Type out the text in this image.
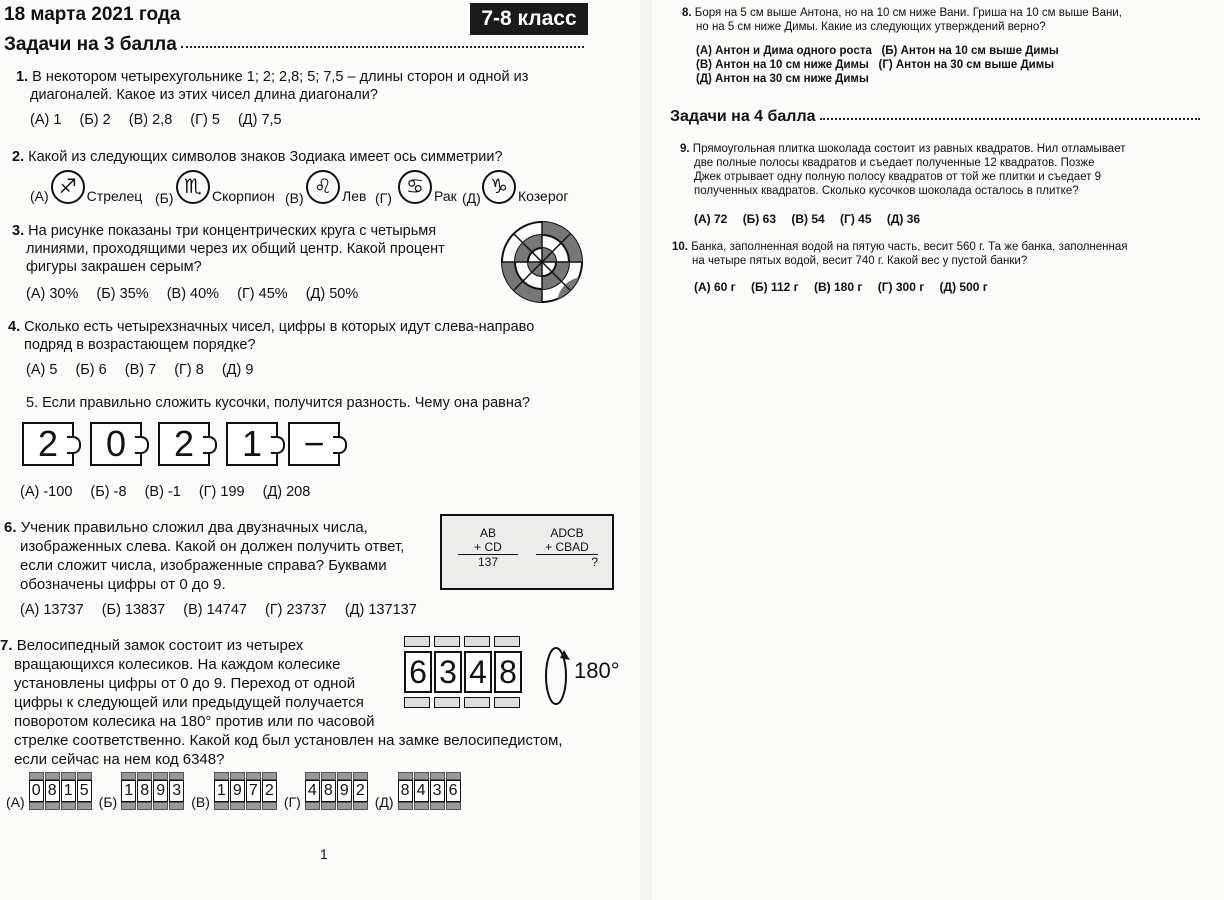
18 марта 2021 года	7-8 класс
Задачи на 3 балла
1. В некотором четырехугольнике 1; 2; 2,8; 5; 7,5 – длины сторон и одной из
диагоналей. Какое из этих чисел длина диагонали?
(А) 1 (Б) 2 (В) 2,8 (Г) 5 (Д) 7,5
2. Какой из следующих символов знаков Зодиака имеет ось симметрии?
(А) ♐ Стрелец	♏ Скорпион
(Б)	♌ Лев
(В)	♋ Рак
(Г)	♑ Козерог
(Д)
3. На рисунке показаны три концентрических круга с четырьмя
линиями, проходящими через их общий центр. Какой процент
фигуры закрашен серым?
(А) 30% (Б) 35% (В) 40% (Г) 45% (Д) 50%
4. Сколько есть четырехзначных чисел, цифры в которых идут слева-направо
подряд в возрастающем порядке?
(А) 5 (Б) 6 (В) 7 (Г) 8 (Д) 9
5. Если правильно сложить кусочки, получится разность. Чему она равна?
2	0	2	1	−
(А) -100 (Б) -8 (В) -1 (Г) 199 (Д) 208
6. Ученик правильно сложил два двузначных числа,
изображенных слева. Какой он должен получить ответ,
если сложит числа, изображенные справа? Буквами
обозначены цифры от 0 до 9.
AB
+ CD
137
ADCB
+ CBAD
?
(А) 13737 (Б) 13837 (В) 14747 (Г) 23737 (Д) 137137
7. Велосипедный замок состоит из четырех
вращающихся колесиков. На каждом колесике
установлены цифры от 0 до 9. Переход от одной
цифры к следующей или предыдущей получается
поворотом колесика на 180° против или по часовой
стрелке соответственно. Какой код был установлен на замке велосипедистом,
если сейчас на нем код 6348?
6 3 4 8	180°
(А)
0 8 1 5
(Б)
1 8 9 3
(В)
1 9 7 2
(Г)
4 8 9 2
(Д)
8 4 3 6
1
8. Боря на 5 см выше Антона, но на 10 см ниже Вани. Гриша на 10 см выше Вани,
но на 5 см ниже Димы. Какие из следующих утверждений верно?
(А) Антон и Дима одного роста (Б) Антон на 10 см выше Димы
(В) Антон на 10 см ниже Димы (Г) Антон на 30 см выше Димы
(Д) Антон на 30 см ниже Димы
Задачи на 4 балла
9. Прямоугольная плитка шоколада состоит из равных квадратов. Нил отламывает
две полные полосы квадратов и съедает полученные 12 квадратов. Позже
Джек отрывает одну полную полосу квадратов от той же плитки и съедает 9
полученных квадратов. Сколько кусочков шоколада осталось в плитке?
(А) 72 (Б) 63 (В) 54 (Г) 45 (Д) 36
10. Банка, заполненная водой на пятую часть, весит 560 г. Та же банка, заполненная
на четыре пятых водой, весит 740 г. Какой вес у пустой банки?
(А) 60 г (Б) 112 г (В) 180 г (Г) 300 г (Д) 500 г
